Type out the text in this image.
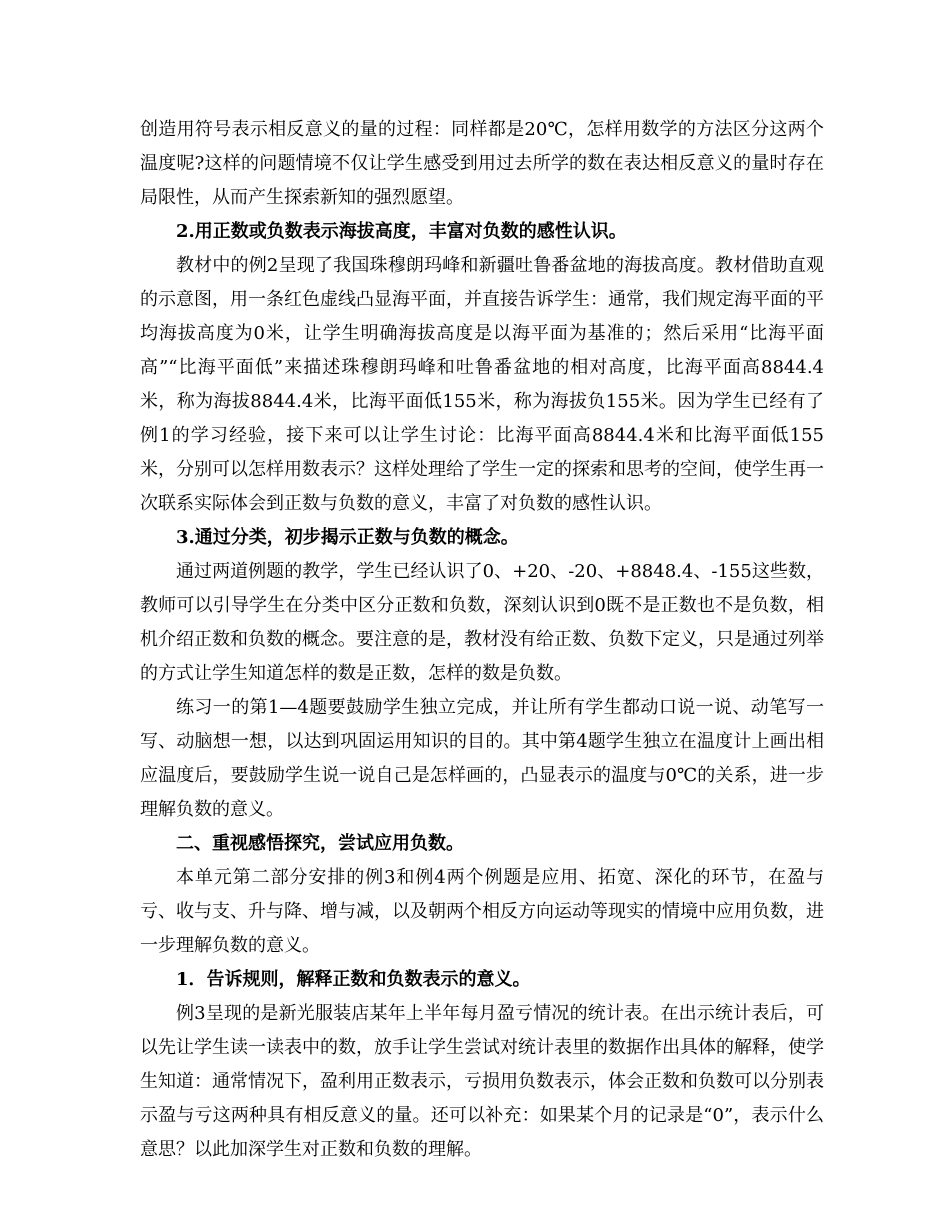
创造用符号表示相反意义的量的过程：同样都是20℃，怎样用数学的方法区分这两个温度呢?这样的问题情境不仅让学生感受到用过去所学的数在表达相反意义的量时存在局限性，从而产生探索新知的强烈愿望。

2.用正数或负数表示海拔高度，丰富对负数的感性认识。

教材中的例2呈现了我国珠穆朗玛峰和新疆吐鲁番盆地的海拔高度。教材借助直观的示意图，用一条红色虚线凸显海平面，并直接告诉学生：通常，我们规定海平面的平均海拔高度为0米，让学生明确海拔高度是以海平面为基准的；然后采用“比海平面高”“比海平面低”来描述珠穆朗玛峰和吐鲁番盆地的相对高度，比海平面高8844.4米，称为海拔8844.4米，比海平面低155米，称为海拔负155米。因为学生已经有了例1的学习经验，接下来可以让学生讨论：比海平面高8844.4米和比海平面低155米，分别可以怎样用数表示？这样处理给了学生一定的探索和思考的空间，使学生再一次联系实际体会到正数与负数的意义，丰富了对负数的感性认识。

3.通过分类，初步揭示正数与负数的概念。

通过两道例题的教学，学生已经认识了0、+20、-20、+8848.4、-155这些数，教师可以引导学生在分类中区分正数和负数，深刻认识到0既不是正数也不是负数，相机介绍正数和负数的概念。要注意的是，教材没有给正数、负数下定义，只是通过列举的方式让学生知道怎样的数是正数，怎样的数是负数。

练习一的第1—4题要鼓励学生独立完成，并让所有学生都动口说一说、动笔写一写、动脑想一想，以达到巩固运用知识的目的。其中第4题学生独立在温度计上画出相应温度后，要鼓励学生说一说自己是怎样画的，凸显表示的温度与0℃的关系，进一步理解负数的意义。

二、重视感悟探究，尝试应用负数。

本单元第二部分安排的例3和例4两个例题是应用、拓宽、深化的环节，在盈与亏、收与支、升与降、增与减，以及朝两个相反方向运动等现实的情境中应用负数，进一步理解负数的意义。

1．告诉规则，解释正数和负数表示的意义。

例3呈现的是新光服装店某年上半年每月盈亏情况的统计表。在出示统计表后，可以先让学生读一读表中的数，放手让学生尝试对统计表里的数据作出具体的解释，使学生知道：通常情况下，盈利用正数表示，亏损用负数表示，体会正数和负数可以分别表示盈与亏这两种具有相反意义的量。还可以补充：如果某个月的记录是“0”，表示什么意思？以此加深学生对正数和负数的理解。
